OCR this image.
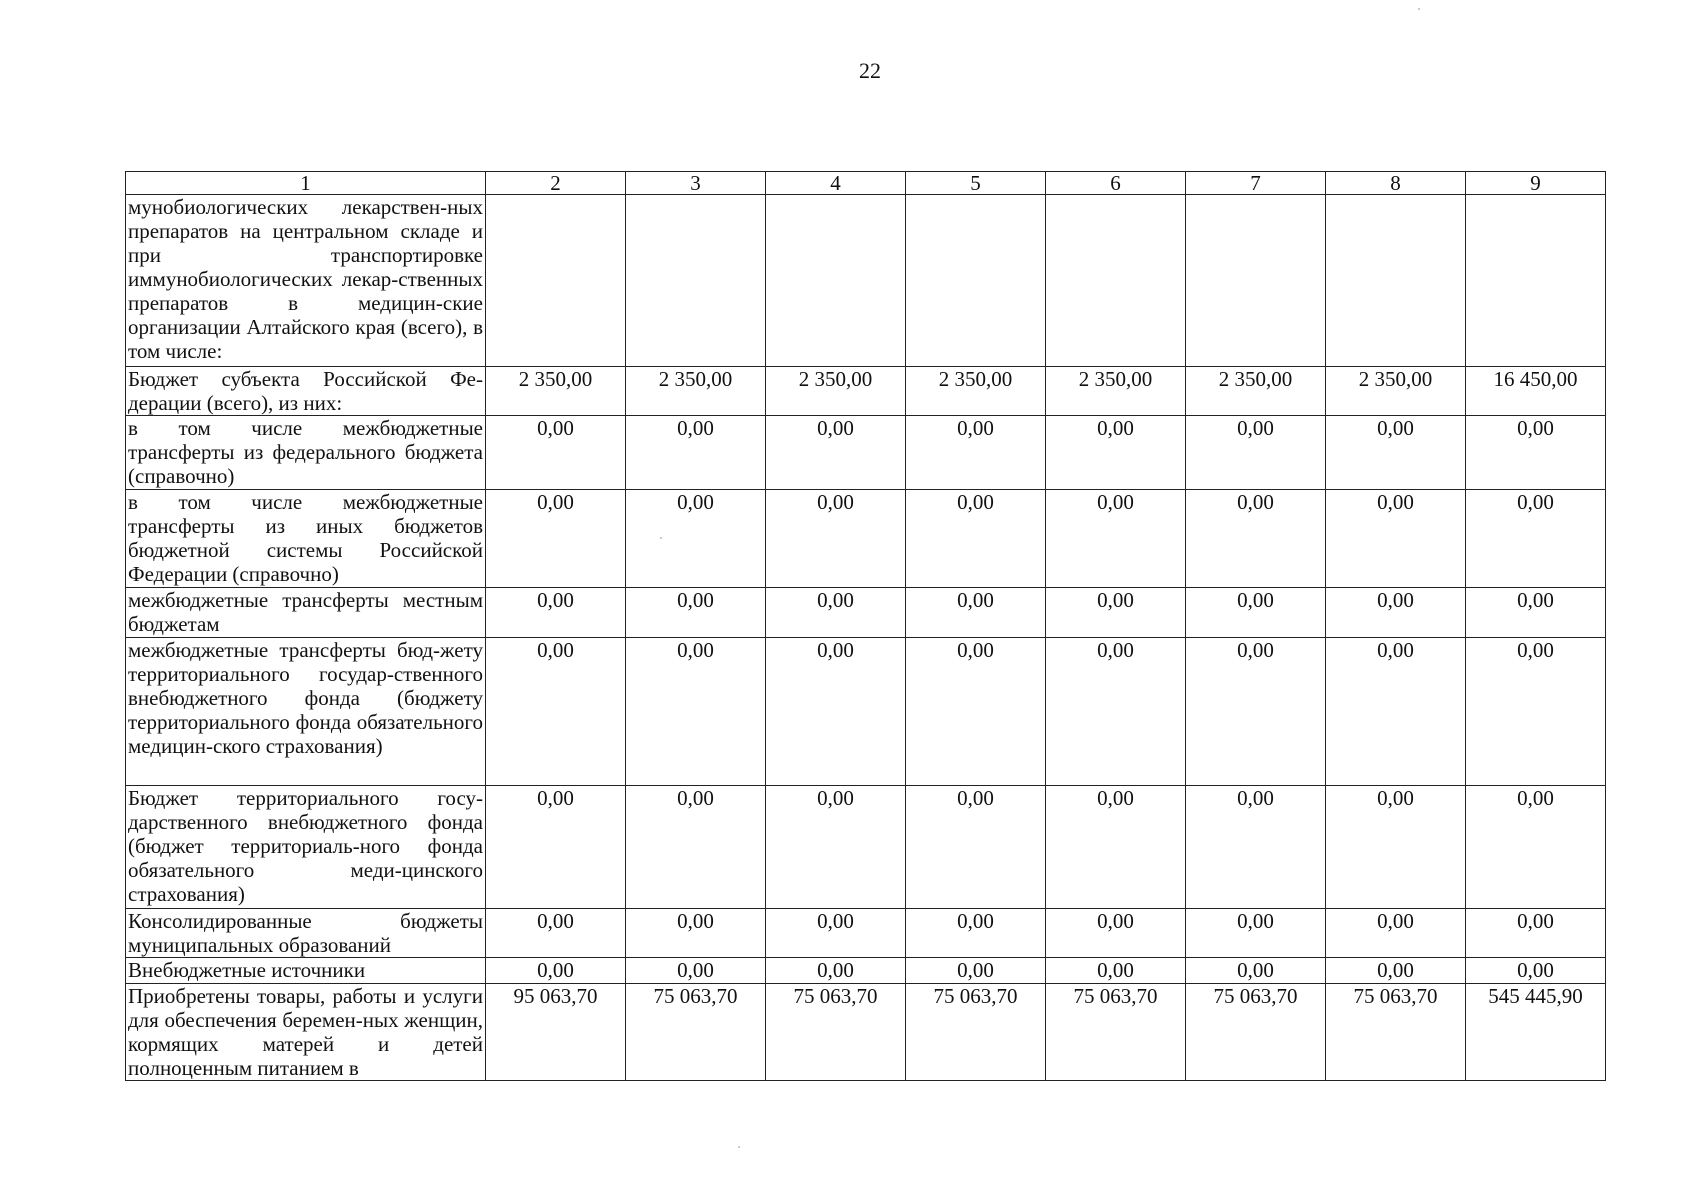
22
1	2	3	4	5	6	7	8	9
мунобиологических лекарствен-ных препаратов на центральном складе и при транспортировке иммунобиологических лекар-ственных препаратов в медицин-ские организации Алтайского края (всего), в том числе:								
Бюджет субъекта Российской Фе-дерации (всего), из них:	2 350,00	2 350,00	2 350,00	2 350,00	2 350,00	2 350,00	2 350,00	16 450,00
в том числе межбюджетные трансферты из федерального бюджета (справочно)	0,00	0,00	0,00	0,00	0,00	0,00	0,00	0,00
в том числе межбюджетные трансферты из иных бюджетов бюджетной системы Российской Федерации (справочно)	0,00	0,00	0,00	0,00	0,00	0,00	0,00	0,00
межбюджетные трансферты местным бюджетам	0,00	0,00	0,00	0,00	0,00	0,00	0,00	0,00
межбюджетные трансферты бюд-жету территориального государ-ственного внебюджетного фонда (бюджету территориального фонда обязательного медицин-ского страхования)	0,00	0,00	0,00	0,00	0,00	0,00	0,00	0,00
Бюджет территориального госу-дарственного внебюджетного фонда (бюджет территориаль-ного фонда обязательного меди-цинского страхования)	0,00	0,00	0,00	0,00	0,00	0,00	0,00	0,00
Консолидированные бюджеты муниципальных образований	0,00	0,00	0,00	0,00	0,00	0,00	0,00	0,00
Внебюджетные источники	0,00	0,00	0,00	0,00	0,00	0,00	0,00	0,00
Приобретены товары, работы и услуги для обеспечения беремен-ных женщин, кормящих матерей и детей полноценным питанием в	95 063,70	75 063,70	75 063,70	75 063,70	75 063,70	75 063,70	75 063,70	545 445,90
